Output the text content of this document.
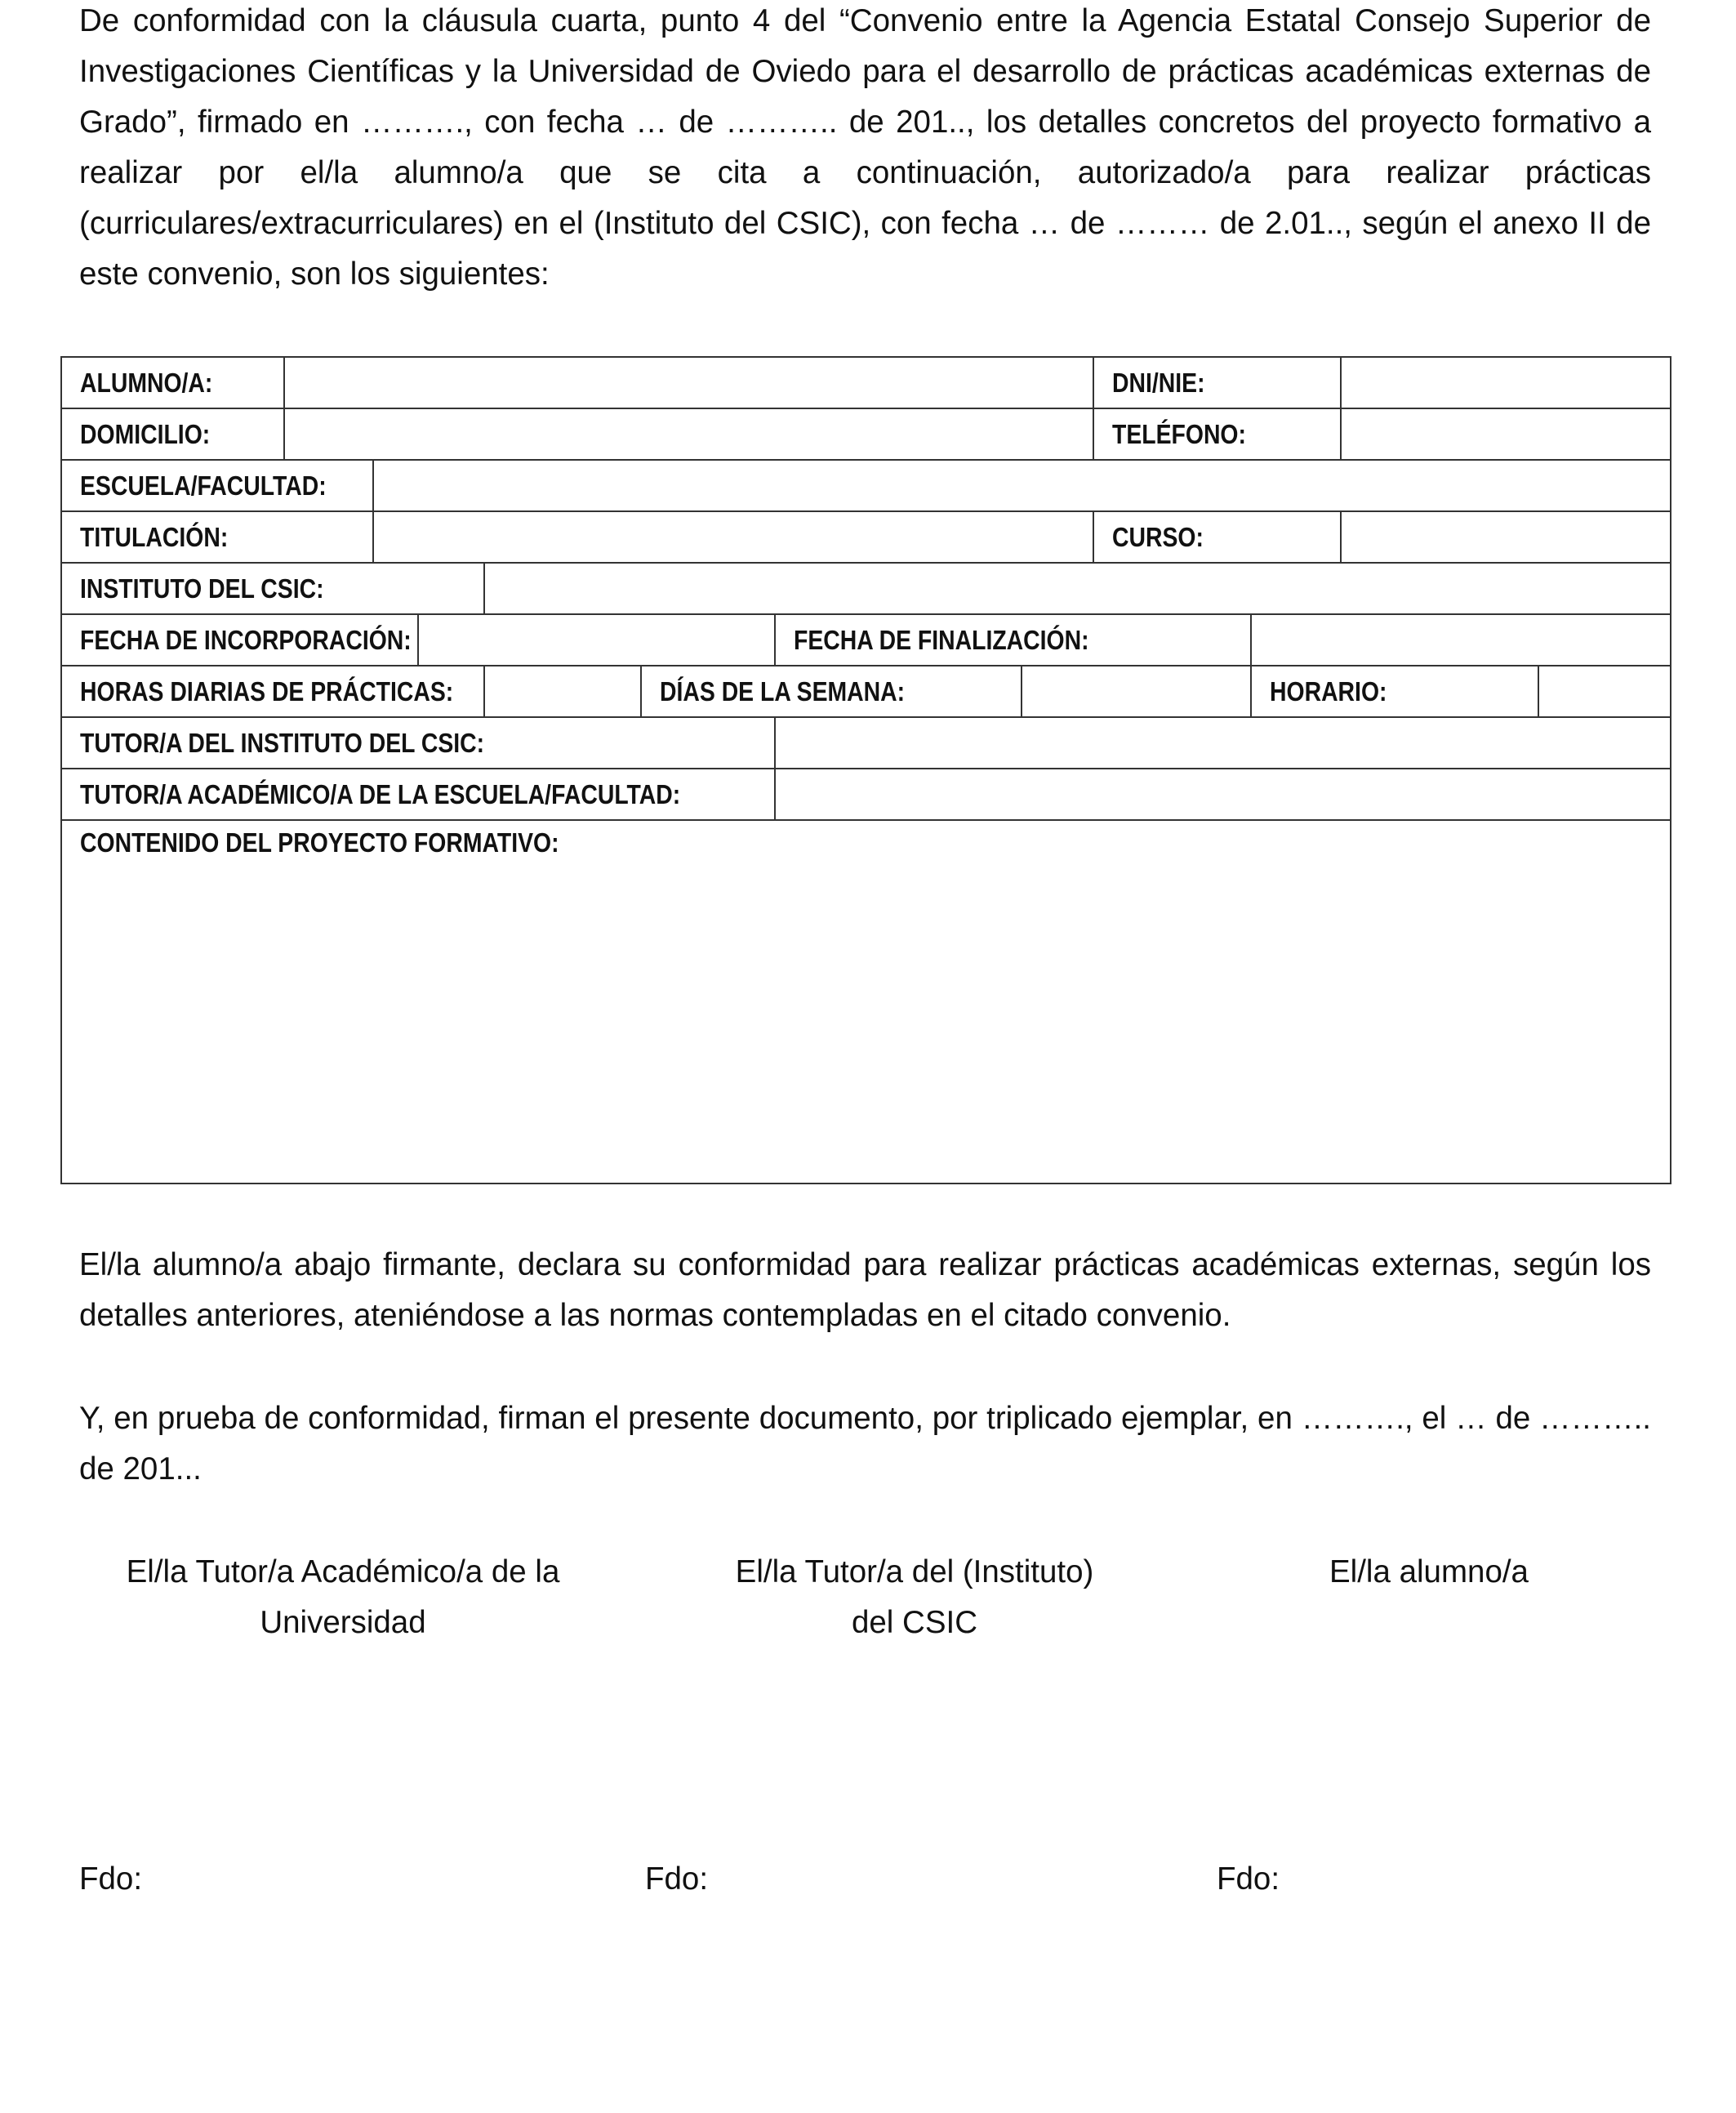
De conformidad con la cláusula cuarta, punto 4 del “Convenio entre la Agencia Estatal Consejo Superior de Investigaciones Científicas y la Universidad de Oviedo para el desarrollo de prácticas académicas externas de Grado”, firmado en ………., con fecha … de ……….. de 201.., los detalles concretos del proyecto formativo a realizar por el/la alumno/a que se cita a continuación, autorizado/a para realizar prácticas (curriculares/extracurriculares) en el (Instituto del CSIC), con fecha … de ……… de 2.01.., según el anexo II de este convenio, son los siguientes:

ALUMNO/A:								DNI/NIE:			
DOMICILIO:								TELÉFONO:			
ESCUELA/FACULTAD:											
TITULACIÓN:								CURSO:			
INSTITUTO DEL CSIC:											
FECHA DE INCORPORACIÓN:						FECHA DE FINALIZACIÓN:					
HORAS DIARIAS DE PRÁCTICAS:					DÍAS DE LA SEMANA:				HORARIO:		
TUTOR/A DEL INSTITUTO DEL CSIC:											
TUTOR/A ACADÉMICO/A DE LA ESCUELA/FACULTAD:											
CONTENIDO DEL PROYECTO FORMATIVO:											

El/la alumno/a abajo firmante, declara su conformidad para realizar prácticas académicas externas, según los detalles anteriores, ateniéndose a las normas contempladas en el citado convenio.

Y, en prueba de conformidad, firman el presente documento, por triplicado ejemplar, en ………., el … de ……….. de 201...

El/la Tutor/a Académico/a de la
Universidad
El/la Tutor/a del (Instituto)
del CSIC
El/la alumno/a
Fdo:	Fdo:	Fdo:
